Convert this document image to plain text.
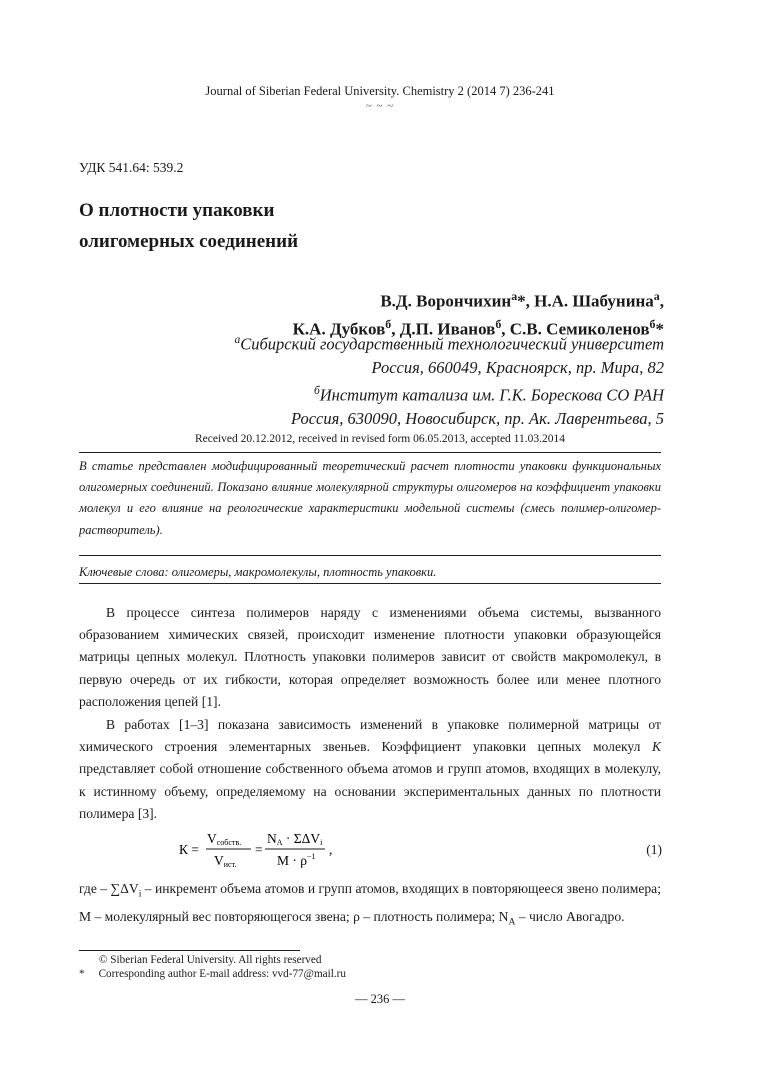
Journal of Siberian Federal University. Chemistry 2 (2014 7) 236-241
~ ~ ~
УДК 541.64: 539.2
О плотности упаковки
олигомерных соединений
В.Д. Ворончихин$^а$*, Н.А. Шабунина$^а$,
К.А. Дубков$^б$, Д.П. Иванов$^б$, С.В. Семиколенов$^б$*
$^а$Сибирский государственный технологический университет
Россия, 660049, Красноярск, пр. Мира, 82
$^б$Институт катализа им. Г.К. Борескова СО РАН
Россия, 630090, Новосибирск, пр. Ак. Лаврентьева, 5
Received 20.12.2012, received in revised form 06.05.2013, accepted 11.03.2014
В статье представлен модифицированный теоретический расчет плотности упаковки функциональных олигомерных соединений. Показано влияние молекулярной структуры олигомеров на коэффициент упаковки молекул и его влияние на реологические характеристики модельной системы (смесь полимер-олигомер-растворитель).
Ключевые слова: олигомеры, макромолекулы, плотность упаковки.
В процессе синтеза полимеров наряду с изменениями объема системы, вызванного образованием химических связей, происходит изменение плотности упаковки образующейся матрицы цепных молекул. Плотность упаковки полимеров зависит от свойств макромолекул, в первую очередь от их гибкости, которая определяет возможность более или менее плотного расположения цепей [1].
В работах [1–3] показана зависимость изменений в упаковке полимерной матрицы от химического строения элементарных звеньев. Коэффициент упаковки цепных молекул К представляет собой отношение собственного объема атомов и групп атомов, входящих в молекулу, к истинному объему, определяемому на основании экспериментальных данных по плотности полимера [3].
К =
Vсобств.
Vист.
=
NA · ΣΔVi
$M \cdot \rho^{-1}$ ,	(1)
где – $\sum\Delta V_i$ – инкремент объема атомов и групп атомов, входящих в повторяющееся звено полимера; M – молекулярный вес повторяющегося звена; ρ – плотность полимера; $N_A$ – число Авогадро.
© Siberian Federal University. All rights reserved
* Corresponding author E-mail address: vvd-77@mail.ru
— 236 —
